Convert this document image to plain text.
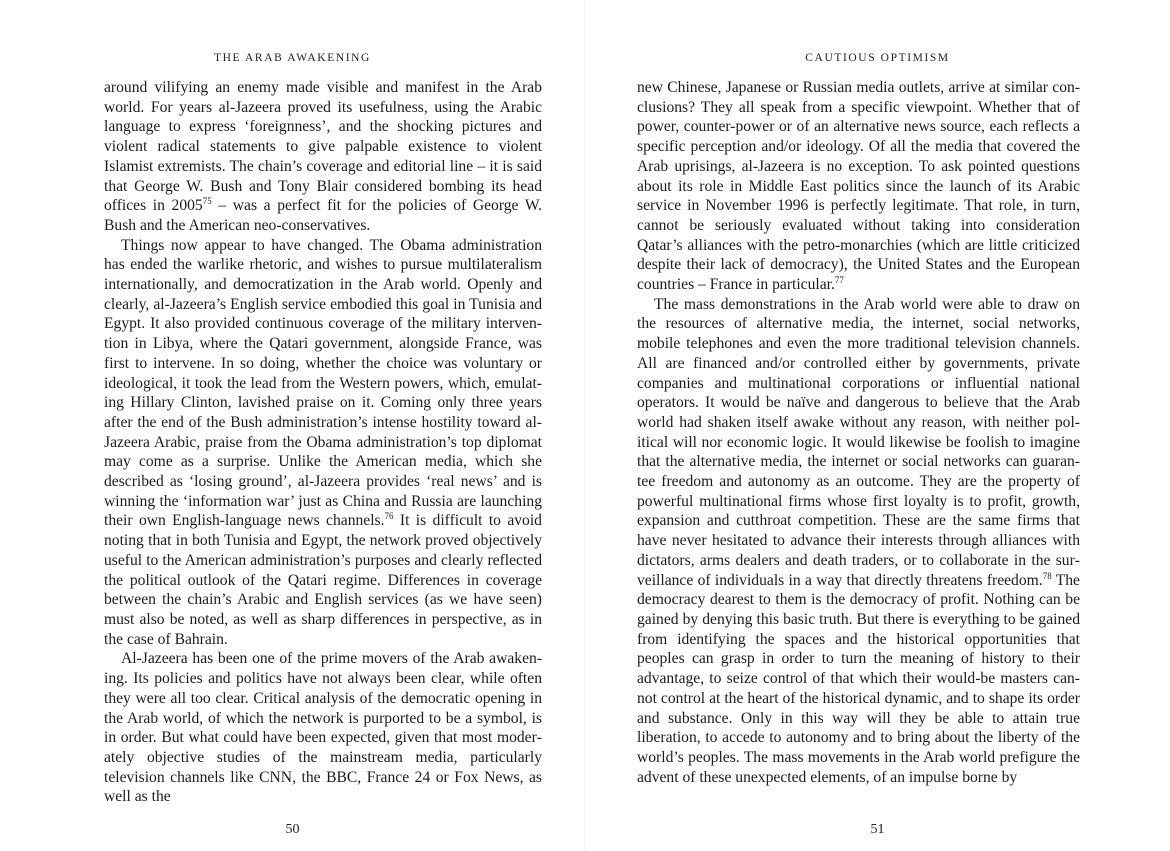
THE ARAB AWAKENING

around vilifying an enemy made visible and manifest in the Arab world. For years al-Jazeera proved its usefulness, using the Arabic language to express ‘foreignness’, and the shocking pictures and violent radical statements to give palpable existence to violent Islamist extremists. The chain’s coverage and editorial line – it is said that George W. Bush and Tony Blair considered bombing its head offices in 2005$^{75}$ – was a perfect fit for the policies of George W. Bush and the American neo-conservatives.

Things now appear to have changed. The Obama administration has ended the warlike rhetoric, and wishes to pursue multilateralism internationally, and democratization in the Arab world. Openly and clearly, al-Jazeera’s English service embodied this goal in Tunisia and Egypt. It also provided continuous coverage of the military intervention in Libya, where the Qatari government, alongside France, was first to intervene. In so doing, whether the choice was voluntary or ideological, it took the lead from the Western powers, which, emulating Hillary Clinton, lavished praise on it. Coming only three years after the end of the Bush administration’s intense hostility toward al-Jazeera Arabic, praise from the Obama administration’s top diplomat may come as a surprise. Unlike the American media, which she described as ‘losing ground’, al-Jazeera provides ‘real news’ and is winning the ‘information war’ just as China and Russia are launching their own English-language news channels.$^{76}$ It is difficult to avoid noting that in both Tunisia and Egypt, the network proved objectively useful to the American administration’s purposes and clearly reflected the political outlook of the Qatari regime. Differences in coverage between the chain’s Arabic and English services (as we have seen) must also be noted, as well as sharp differences in perspective, as in the case of Bahrain.

Al-Jazeera has been one of the prime movers of the Arab awakening. Its policies and politics have not always been clear, while often they were all too clear. Critical analysis of the democratic opening in the Arab world, of which the network is purported to be a symbol, is in order. But what could have been expected, given that most moderately objective studies of the mainstream media, particularly television channels like CNN, the BBC, France 24 or Fox News, as well as the

50
CAUTIOUS OPTIMISM

new Chinese, Japanese or Russian media outlets, arrive at similar conclusions? They all speak from a specific viewpoint. Whether that of power, counter-power or of an alternative news source, each reflects a specific perception and/or ideology. Of all the media that covered the Arab uprisings, al-Jazeera is no exception. To ask pointed questions about its role in Middle East politics since the launch of its Arabic service in November 1996 is perfectly legitimate. That role, in turn, cannot be seriously evaluated without taking into consideration Qatar’s alliances with the petro-monarchies (which are little criticized despite their lack of democracy), the United States and the European countries – France in particular.$^{77}$

The mass demonstrations in the Arab world were able to draw on the resources of alternative media, the internet, social networks, mobile telephones and even the more traditional television channels. All are financed and/or controlled either by governments, private companies and multinational corporations or influential national operators. It would be naïve and dangerous to believe that the Arab world had shaken itself awake without any reason, with neither political will nor economic logic. It would likewise be foolish to imagine that the alternative media, the internet or social networks can guarantee freedom and autonomy as an outcome. They are the property of powerful multinational firms whose first loyalty is to profit, growth, expansion and cutthroat competition. These are the same firms that have never hesitated to advance their interests through alliances with dictators, arms dealers and death traders, or to collaborate in the surveillance of individuals in a way that directly threatens freedom.$^{78}$ The democracy dearest to them is the democracy of profit. Nothing can be gained by denying this basic truth. But there is everything to be gained from identifying the spaces and the historical opportunities that peoples can grasp in order to turn the meaning of history to their advantage, to seize control of that which their would-be masters cannot control at the heart of the historical dynamic, and to shape its order and substance. Only in this way will they be able to attain true liberation, to accede to autonomy and to bring about the liberty of the world’s peoples. The mass movements in the Arab world prefigure the advent of these unexpected elements, of an impulse borne by

51
